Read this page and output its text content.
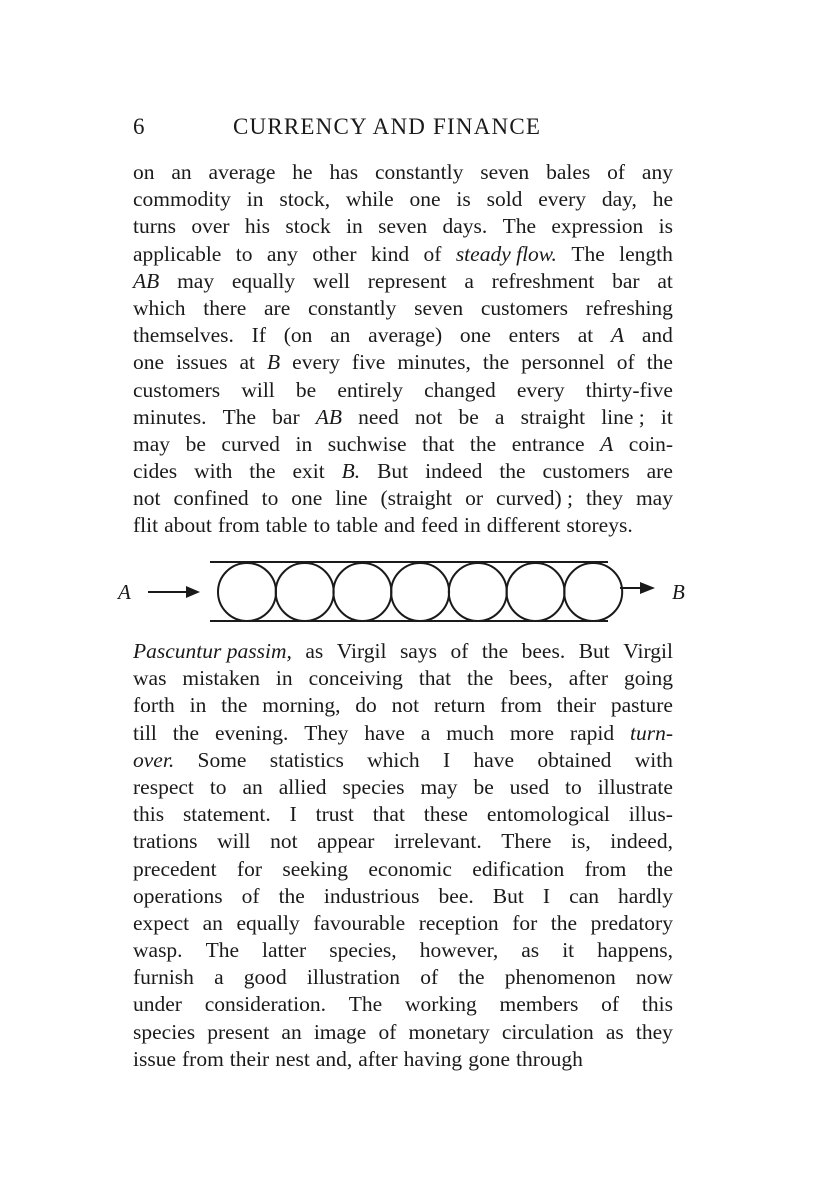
6	CURRENCY AND FINANCE
on an average he has constantly seven bales of any
commodity in stock, while one is sold every day, he
turns over his stock in seven days. The expression is
applicable to any other kind of steady flow. The length
AB may equally well represent a refreshment bar at
which there are constantly seven customers refreshing
themselves. If (on an average) one enters at A and
one issues at B every five minutes, the personnel of the
customers will be entirely changed every thirty-five
minutes. The bar AB need not be a straight line ; it
may be curved in suchwise that the entrance A coin-
cides with the exit B. But indeed the customers are
not confined to one line (straight or curved) ; they may
flit about from table to table and feed in different storeys.
A	B
Pascuntur passim, as Virgil says of the bees. But Virgil
was mistaken in conceiving that the bees, after going
forth in the morning, do not return from their pasture
till the evening. They have a much more rapid turn-
over. Some statistics which I have obtained with
respect to an allied species may be used to illustrate
this statement. I trust that these entomological illus-
trations will not appear irrelevant. There is, indeed,
precedent for seeking economic edification from the
operations of the industrious bee. But I can hardly
expect an equally favourable reception for the predatory
wasp. The latter species, however, as it happens,
furnish a good illustration of the phenomenon now
under consideration. The working members of this
species present an image of monetary circulation as they
issue from their nest and, after having gone through
